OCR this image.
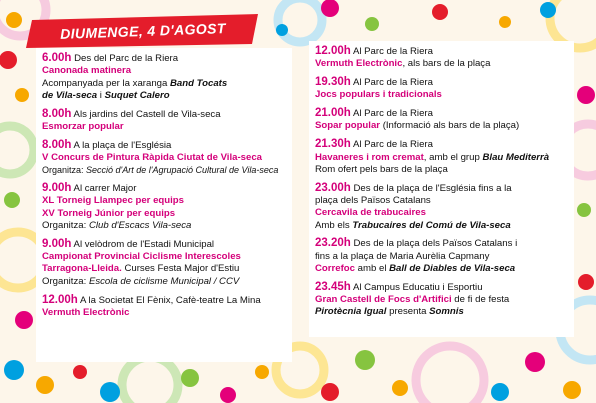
DIUMENGE, 4 D'AGOST
6.00h Des del Parc de la Riera
Canonada matinera
Acompanyada per la xaranga Band Tocats
de Vila-seca i Suquet Calero
8.00h Als jardins del Castell de Vila-seca
Esmorzar popular
8.00h A la plaça de l'Església
V Concurs de Pintura Ràpida Ciutat de Vila-seca
Organitza: Secció d'Art de l'Agrupació Cultural de Vila-seca
9.00h Al carrer Major
XL Torneig Llampec per equips
XV Torneig Júnior per equips
Organitza: Club d'Escacs Vila-seca
9.00h Al velòdrom de l'Estadi Municipal
Campionat Provincial Ciclisme Interescoles
Tarragona-Lleida. Curses Festa Major d'Estiu
Organitza: Escola de ciclisme Municipal / CCV
12.00h A la Societat El Fènix, Cafè-teatre La Mina
Vermuth Electrònic
12.00h Al Parc de la Riera
Vermuth Electrònic, als bars de la plaça
19.30h Al Parc de la Riera
Jocs populars i tradicionals
21.00h Al Parc de la Riera
Sopar popular (Informació als bars de la plaça)
21.30h Al Parc de la Riera
Havaneres i rom cremat, amb el grup Blau Mediterrà
Rom ofert pels bars de la plaça
23.00h Des de la plaça de l'Església fins a la
plaça dels Països Catalans
Cercavila de trabucaires
Amb els Trabucaires del Comú de Vila-seca
23.20h Des de la plaça dels Països Catalans i
fins a la plaça de Maria Aurèlia Capmany
Correfoc amb el Ball de Diables de Vila-seca
23.45h Al Campus Educatiu i Esportiu
Gran Castell de Focs d'Artifici de fi de festa
Pirotècnia Igual presenta Somnis
